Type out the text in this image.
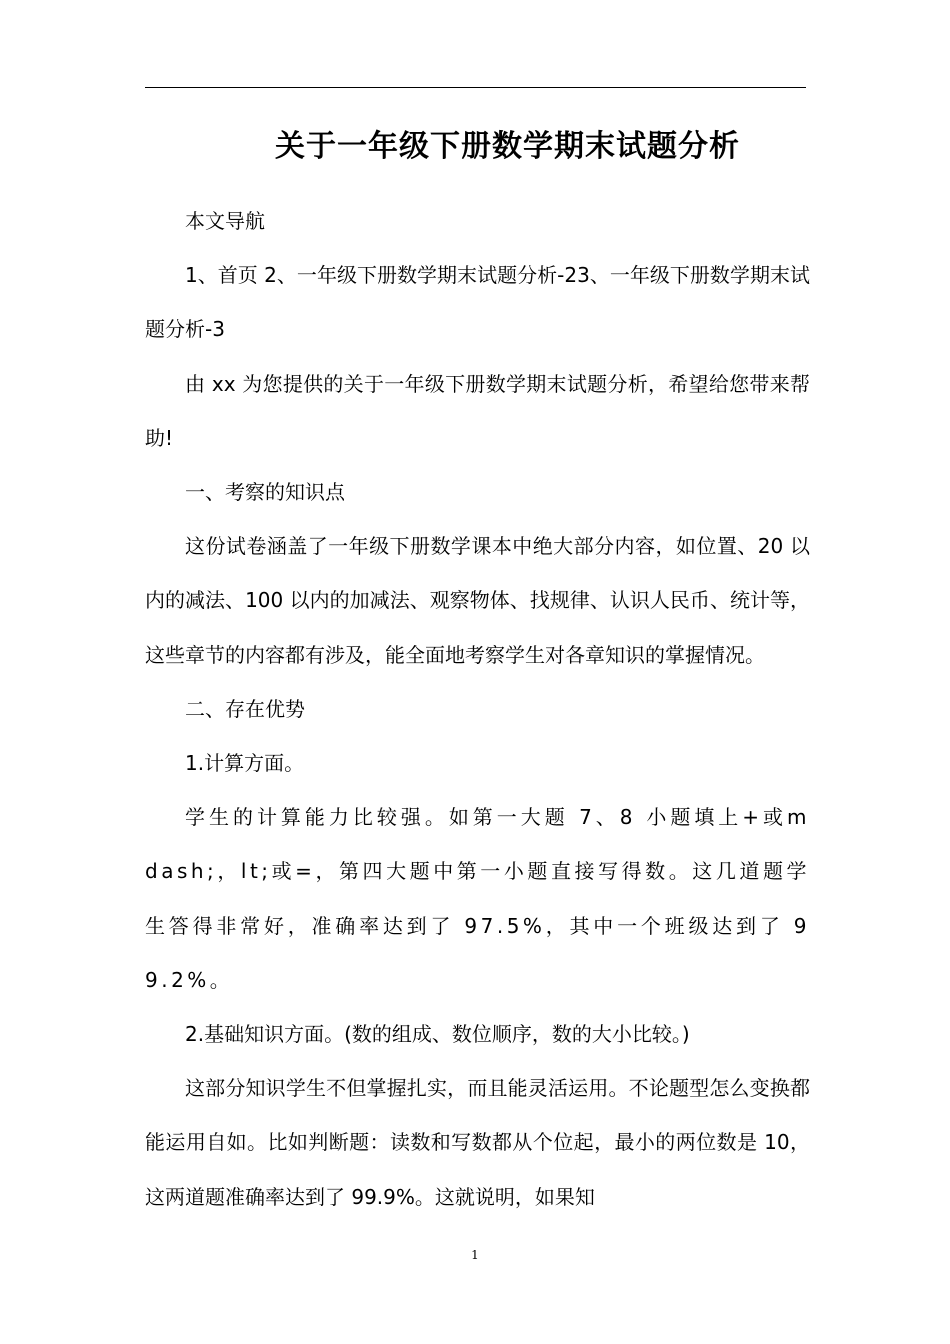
关于一年级下册数学期末试题分析

本文导航

1、首页 2、一年级下册数学期末试题分析-23、一年级下册数学期末试题分析-3

由 xx 为您提供的关于一年级下册数学期末试题分析，希望给您带来帮助!

一、考察的知识点

这份试卷涵盖了一年级下册数学课本中绝大部分内容，如位置、20 以内的减法、100 以内的加减法、观察物体、找规律、认识人民币、统计等，这些章节的内容都有涉及，能全面地考察学生对各章知识的掌握情况。

二、存在优势

1.计算方面。

学生的计算能力比较强。如第一大题 7、8 小题填上+或mdash;，lt;或=，第四大题中第一小题直接写得数。这几道题学生答得非常好，准确率达到了 97.5%，其中一个班级达到了 99.2%。

2.基础知识方面。(数的组成、数位顺序，数的大小比较。)

这部分知识学生不但掌握扎实，而且能灵活运用。不论题型怎么变换都能运用自如。比如判断题：读数和写数都从个位起，最小的两位数是 10，这两道题准确率达到了 99.9%。这就说明，如果知

1
